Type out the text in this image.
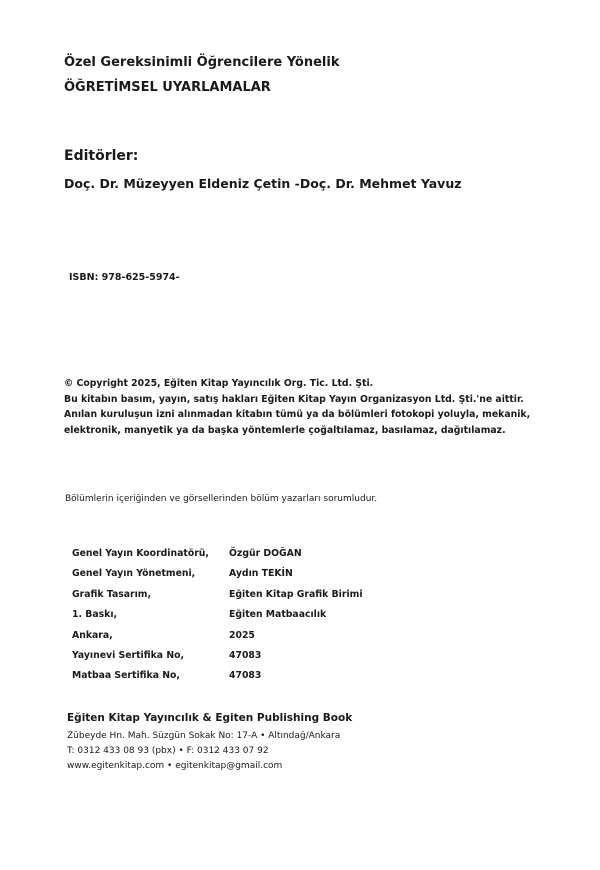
Özel Gereksinimli Öğrencilere Yönelik
ÖĞRETİMSEL UYARLAMALAR
Editörler:
Doç. Dr. Müzeyyen Eldeniz Çetin -Doç. Dr. Mehmet Yavuz
ISBN: 978-625-5974-

© Copyright 2025, Eğiten Kitap Yayıncılık Org. Tic. Ltd. Şti.

Bu kitabın basım, yayın, satış hakları Eğiten Kitap Yayın Organizasyon Ltd. Şti.'ne aittir. Anılan kuruluşun izni alınmadan kitabın tümü ya da bölümleri fotokopi yoluyla, mekanik, elektronik, manyetik ya da başka yöntemlerle çoğaltılamaz, basılamaz, dağıtılamaz.

Bölümlerin içeriğinden ve görsellerinden bölüm yazarları sorumludur.
Genel Yayın Koordinatörü,	Özgür DOĞAN
Genel Yayın Yönetmeni,	Aydın TEKİN
Grafik Tasarım,	Eğiten Kitap Grafik Birimi
1. Baskı,	Eğiten Matbaacılık
Ankara,	2025
Yayınevi Sertifika No,	47083
Matbaa Sertifika No,	47083
Eğiten Kitap Yayıncılık & Egiten Publishing Book
Zübeyde Hn. Mah. Süzgün Sokak No: 17-A • Altındağ/Ankara
T: 0312 433 08 93 (pbx) • F: 0312 433 07 92
www.egitenkitap.com • egitenkitap@gmail.com
